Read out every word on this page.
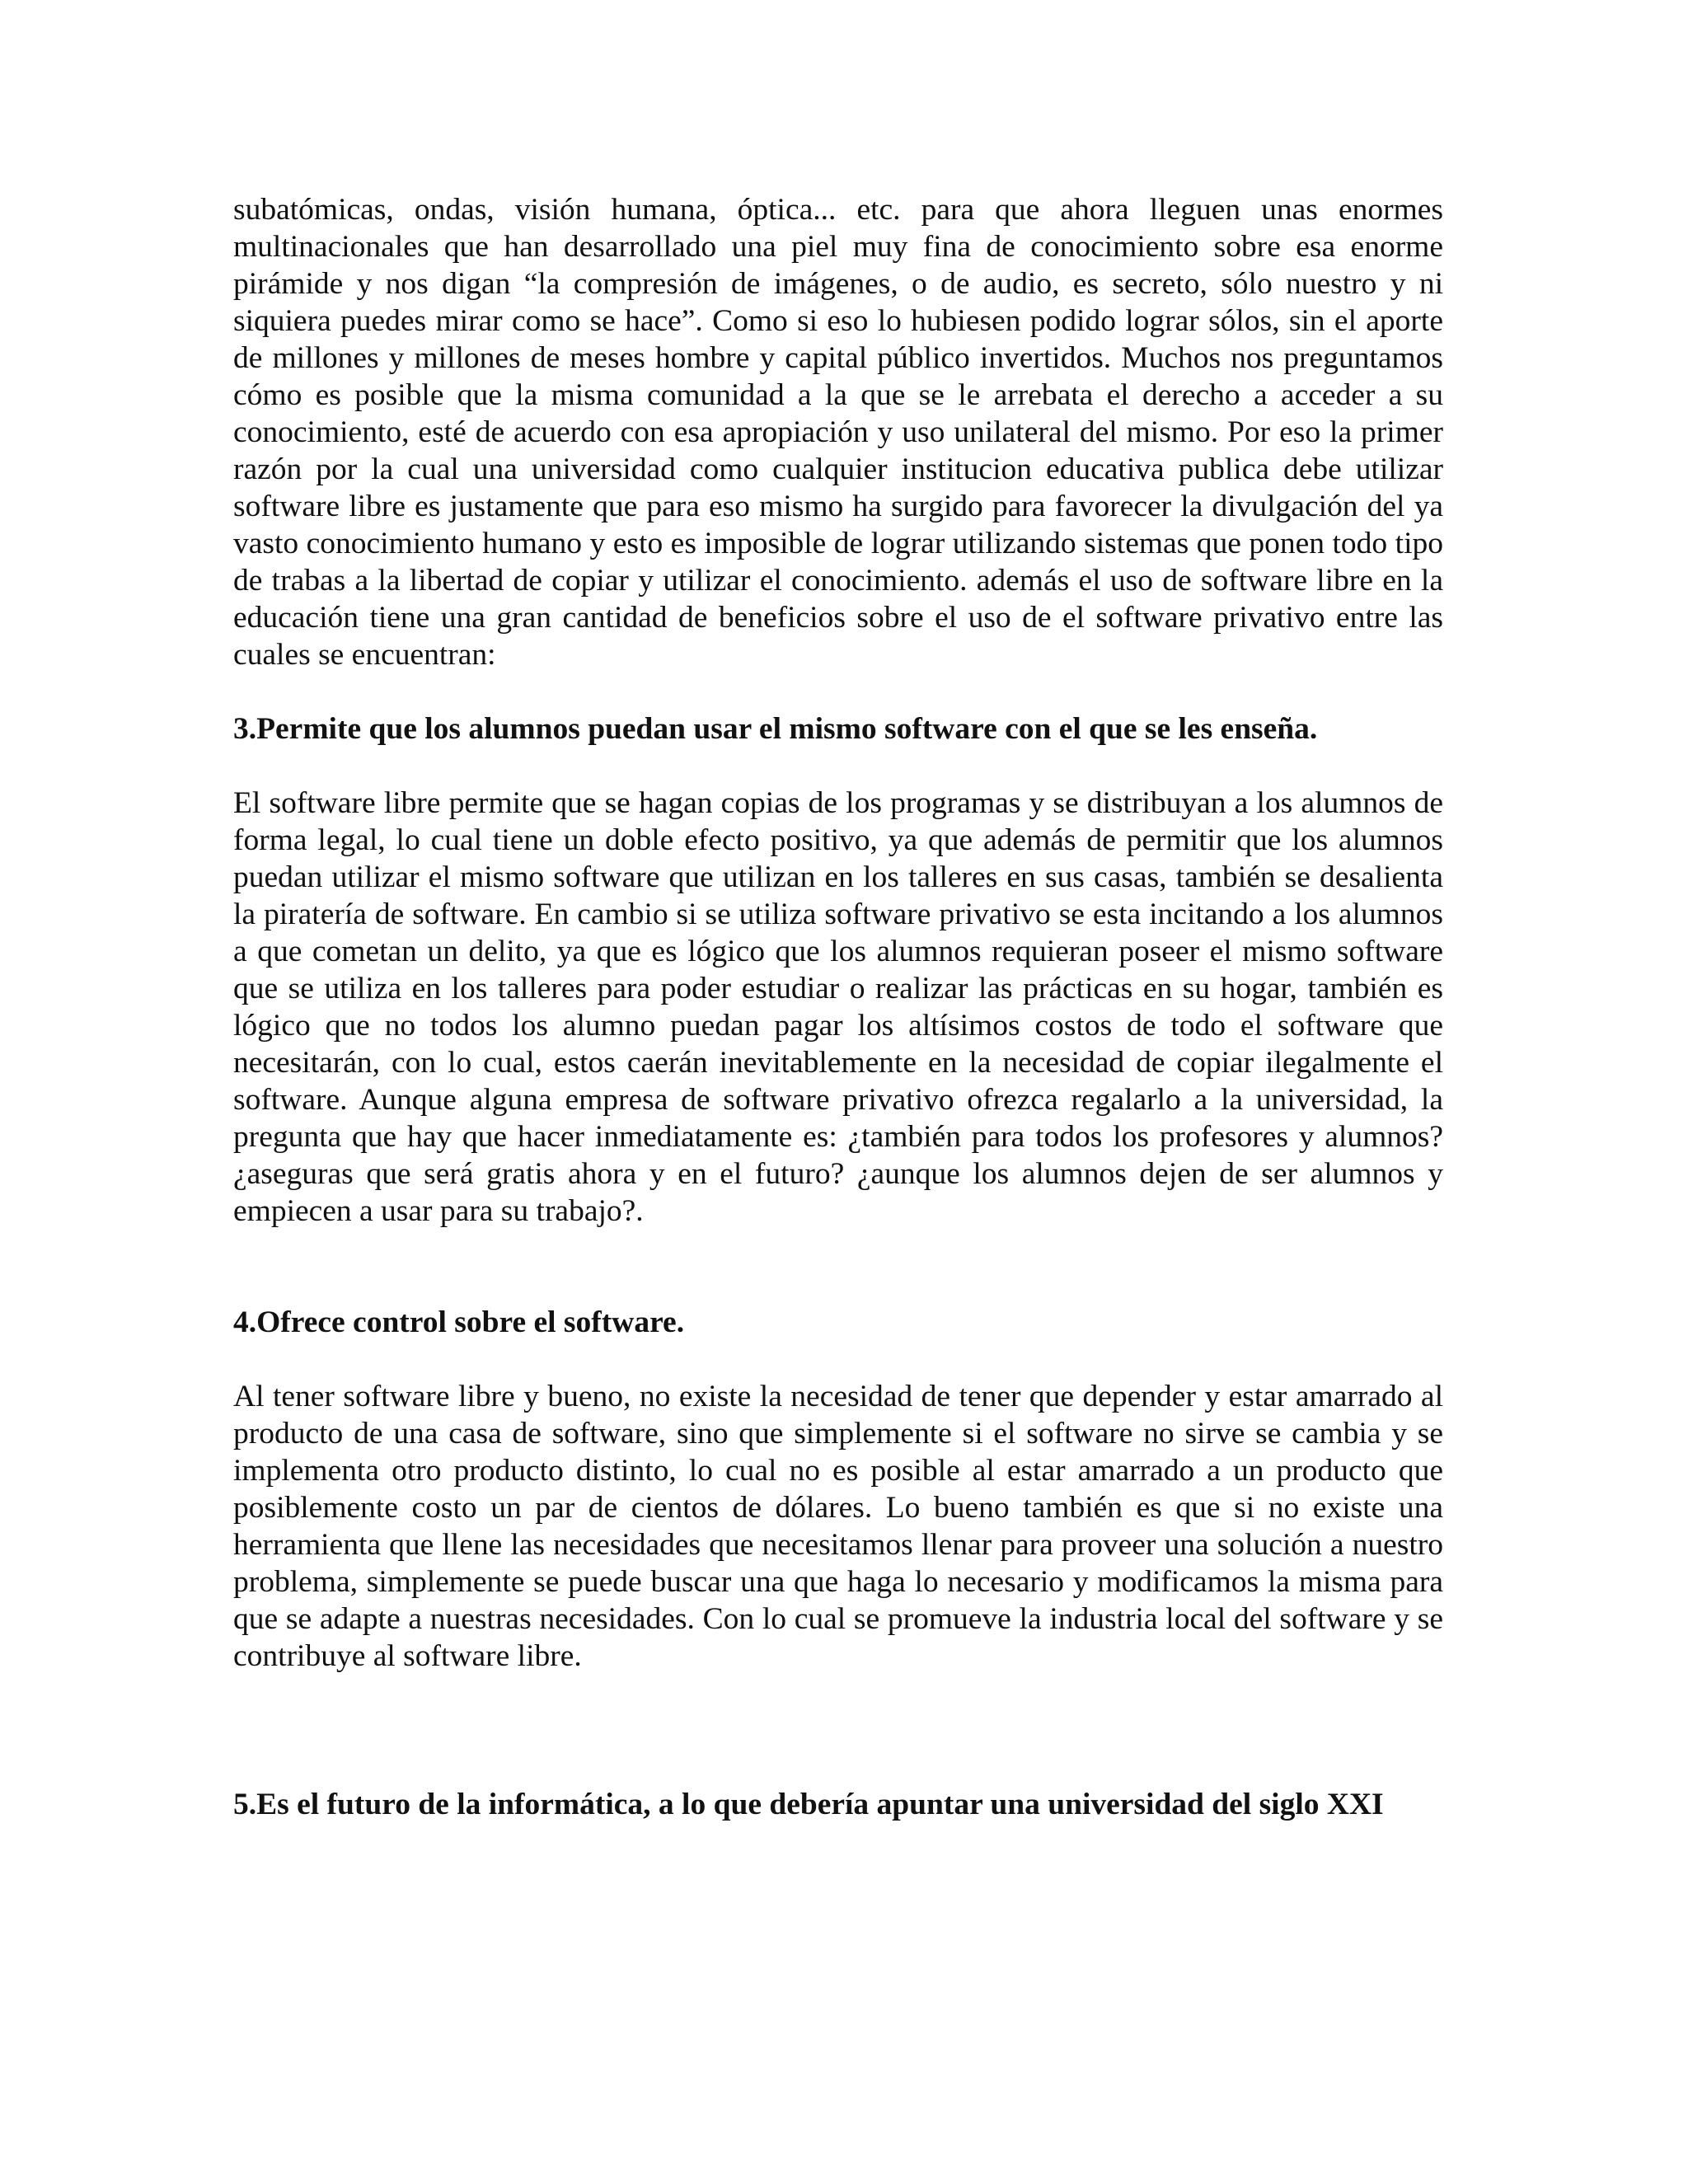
subatómicas, ondas, visión humana, óptica... etc. para que ahora lleguen unas enormes multinacionales que han desarrollado una piel muy fina de conocimiento sobre esa enorme pirámide y nos digan “la compresión de imágenes, o de audio, es secreto, sólo nuestro y ni siquiera puedes mirar como se hace”. Como si eso lo hubiesen podido lograr sólos, sin el aporte de millones y millones de meses hombre y capital público invertidos. Muchos nos preguntamos cómo es posible que la misma comunidad a la que se le arrebata el derecho a acceder a su conocimiento, esté de acuerdo con esa apropiación y uso unilateral del mismo. Por eso la primer razón por la cual una universidad como cualquier institucion educativa publica debe utilizar software libre es justamente que para eso mismo ha surgido para favorecer la divulgación del ya vasto conocimiento humano y esto es imposible de lograr utilizando sistemas que ponen todo tipo de trabas a la libertad de copiar y utilizar el conocimiento. además el uso de software libre en la educación tiene una gran cantidad de beneficios sobre el uso de el software privativo entre las cuales se encuentran:

3.Permite que los alumnos puedan usar el mismo software con el que se les enseña.

El software libre permite que se hagan copias de los programas y se distribuyan a los alumnos de forma legal, lo cual tiene un doble efecto positivo, ya que además de permitir que los alumnos puedan utilizar el mismo software que utilizan en los talleres en sus casas, también se desalienta la piratería de software. En cambio si se utiliza software privativo se esta incitando a los alumnos a que cometan un delito, ya que es lógico que los alumnos requieran poseer el mismo software que se utiliza en los talleres para poder estudiar o realizar las prácticas en su hogar, también es lógico que no todos los alumno puedan pagar los altísimos costos de todo el software que necesitarán, con lo cual, estos caerán inevitablemente en la necesidad de copiar ilegalmente el software. Aunque alguna empresa de software privativo ofrezca regalarlo a la universidad, la pregunta que hay que hacer inmediatamente es: ¿también para todos los profesores y alumnos? ¿aseguras que será gratis ahora y en el futuro? ¿aunque los alumnos dejen de ser alumnos y empiecen a usar para su trabajo?.

4.Ofrece control sobre el software.

Al tener software libre y bueno, no existe la necesidad de tener que depender y estar amarrado al producto de una casa de software, sino que simplemente si el software no sirve se cambia y se implementa otro producto distinto, lo cual no es posible al estar amarrado a un producto que posiblemente costo un par de cientos de dólares. Lo bueno también es que si no existe una herramienta que llene las necesidades que necesitamos llenar para proveer una solución a nuestro problema, simplemente se puede buscar una que haga lo necesario y modificamos la misma para que se adapte a nuestras necesidades. Con lo cual se promueve la industria local del software y se contribuye al software libre.

5.Es el futuro de la informática, a lo que debería apuntar una universidad del siglo XXI
